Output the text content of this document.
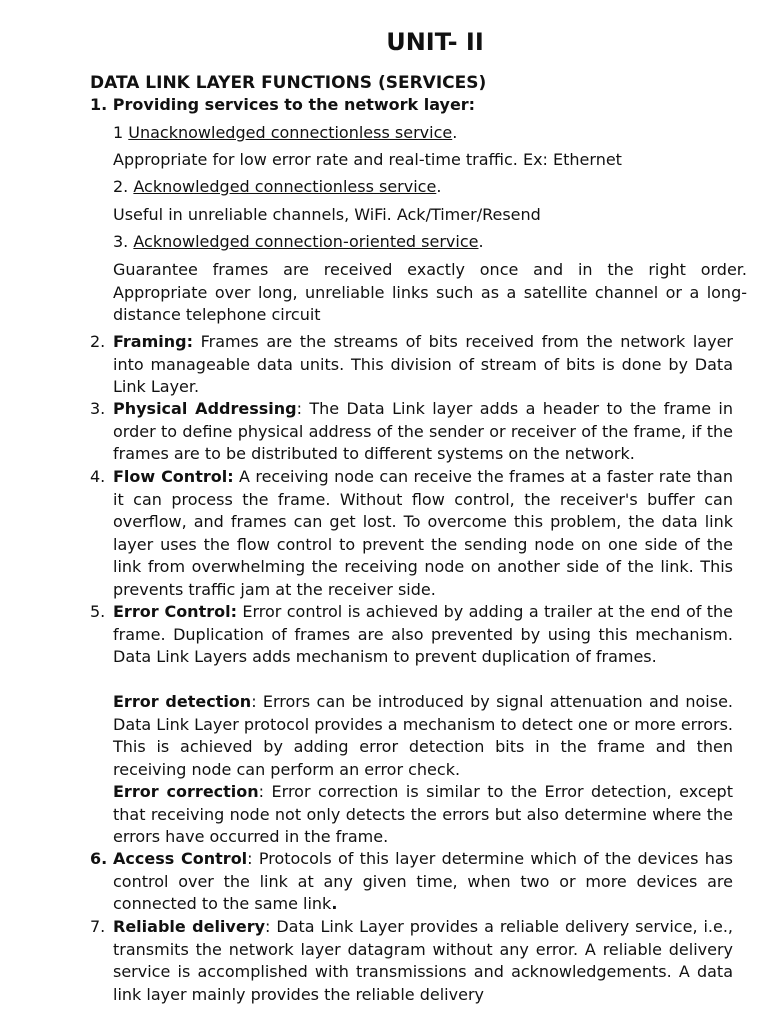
UNIT- II
DATA LINK LAYER FUNCTIONS (SERVICES)

1. Providing services to the network layer:

1 Unacknowledged connectionless service.

Appropriate for low error rate and real-time traffic. Ex: Ethernet

2. Acknowledged connectionless service.

Useful in unreliable channels, WiFi. Ack/Timer/Resend

3. Acknowledged connection-oriented service.

Guarantee frames are received exactly once and in the right order. Appropriate over long, unreliable links such as a satellite channel or a long-distance telephone circuit

2. Framing: Frames are the streams of bits received from the network layer into manageable data units. This division of stream of bits is done by Data Link Layer.

3. Physical Addressing: The Data Link layer adds a header to the frame in order to define physical address of the sender or receiver of the frame, if the frames are to be distributed to different systems on the network.

4. Flow Control: A receiving node can receive the frames at a faster rate than it can process the frame. Without flow control, the receiver's buffer can overflow, and frames can get lost. To overcome this problem, the data link layer uses the flow control to prevent the sending node on one side of the link from overwhelming the receiving node on another side of the link. This prevents traffic jam at the receiver side.

5. Error Control: Error control is achieved by adding a trailer at the end of the frame. Duplication of frames are also prevented by using this mechanism. Data Link Layers adds mechanism to prevent duplication of frames.

Error detection: Errors can be introduced by signal attenuation and noise. Data Link Layer protocol provides a mechanism to detect one or more errors. This is achieved by adding error detection bits in the frame and then receiving node can perform an error check.

Error correction: Error correction is similar to the Error detection, except that receiving node not only detects the errors but also determine where the errors have occurred in the frame.

6. Access Control: Protocols of this layer determine which of the devices has control over the link at any given time, when two or more devices are connected to the same link.

7. Reliable delivery: Data Link Layer provides a reliable delivery service, i.e., transmits the network layer datagram without any error. A reliable delivery service is accomplished with transmissions and acknowledgements. A data link layer mainly provides the reliable delivery
